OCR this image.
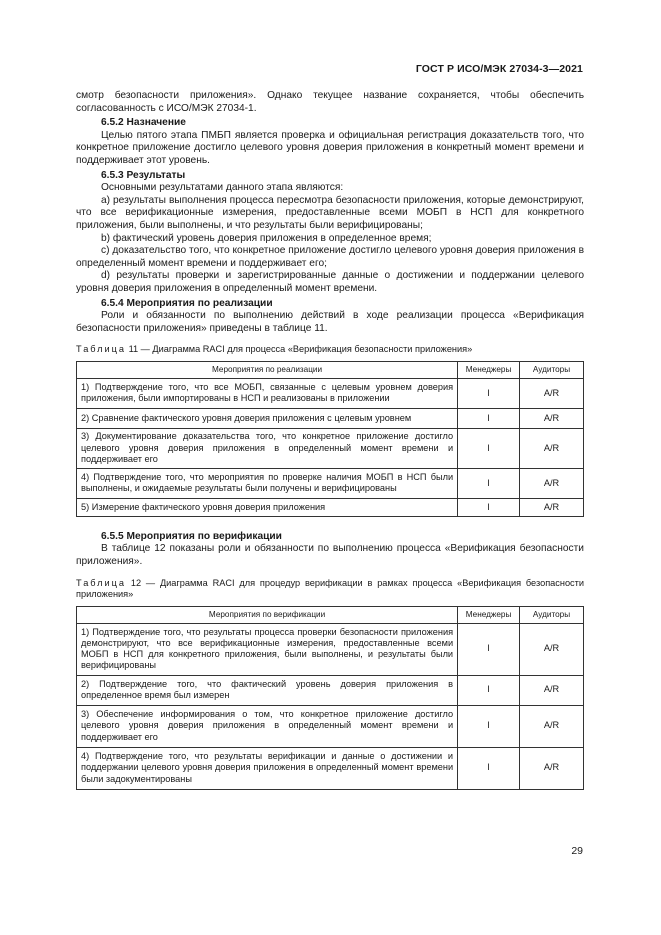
ГОСТ Р ИСО/МЭК 27034-3—2021

смотр безопасности приложения». Однако текущее название сохраняется, чтобы обеспечить согласованность с ИСО/МЭК 27034-1.

6.5.2 Назначение

Целью пятого этапа ПМБП является проверка и официальная регистрация доказательств того, что конкретное приложение достигло целевого уровня доверия приложения в конкретный момент времени и поддерживает этот уровень.

6.5.3 Результаты

Основными результатами данного этапа являются:

а) результаты выполнения процесса пересмотра безопасности приложения, которые демонстрируют, что все верификационные измерения, предоставленные всеми МОБП в НСП для конкретного приложения, были выполнены, и что результаты были верифицированы;

b) фактический уровень доверия приложения в определенное время;

с) доказательство того, что конкретное приложение достигло целевого уровня доверия приложения в определенный момент времени и поддерживает его;

d) результаты проверки и зарегистрированные данные о достижении и поддержании целевого уровня доверия приложения в определенный момент времени.

6.5.4 Мероприятия по реализации

Роли и обязанности по выполнению действий в ходе реализации процесса «Верификация безопасности приложения» приведены в таблице 11.

Таблица 11 — Диаграмма RACI для процесса «Верификация безопасности приложения»

Мероприятия по реализации	Менеджеры	Аудиторы
1) Подтверждение того, что все МОБП, связанные с целевым уровнем доверия приложения, были импортированы в НСП и реализованы в приложении	I	A/R
2) Сравнение фактического уровня доверия приложения с целевым уровнем	I	A/R
3) Документирование доказательства того, что конкретное приложение достигло целевого уровня доверия приложения в определенный момент времени и поддерживает его	I	A/R
4) Подтверждение того, что мероприятия по проверке наличия МОБП в НСП были выполнены, и ожидаемые результаты были получены и верифицированы	I	A/R
5) Измерение фактического уровня доверия приложения	I	A/R

6.5.5 Мероприятия по верификации

В таблице 12 показаны роли и обязанности по выполнению процесса «Верификация безопасности приложения».

Таблица 12 — Диаграмма RACI для процедур верификации в рамках процесса «Верификация безопасности приложения»

Мероприятия по верификации	Менеджеры	Аудиторы
1) Подтверждение того, что результаты процесса проверки безопасности приложения демонстрируют, что все верификационные измерения, предоставленные всеми МОБП в НСП для конкретного приложения, были выполнены, и результаты были верифицированы	I	A/R
2) Подтверждение того, что фактический уровень доверия приложения в определенное время был измерен	I	A/R
3) Обеспечение информирования о том, что конкретное приложение достигло целевого уровня доверия приложения в определенный момент времени и поддерживает его	I	A/R
4) Подтверждение того, что результаты верификации и данные о достижении и поддержании целевого уровня доверия приложения в определенный момент времени были задокументированы	I	A/R
29
